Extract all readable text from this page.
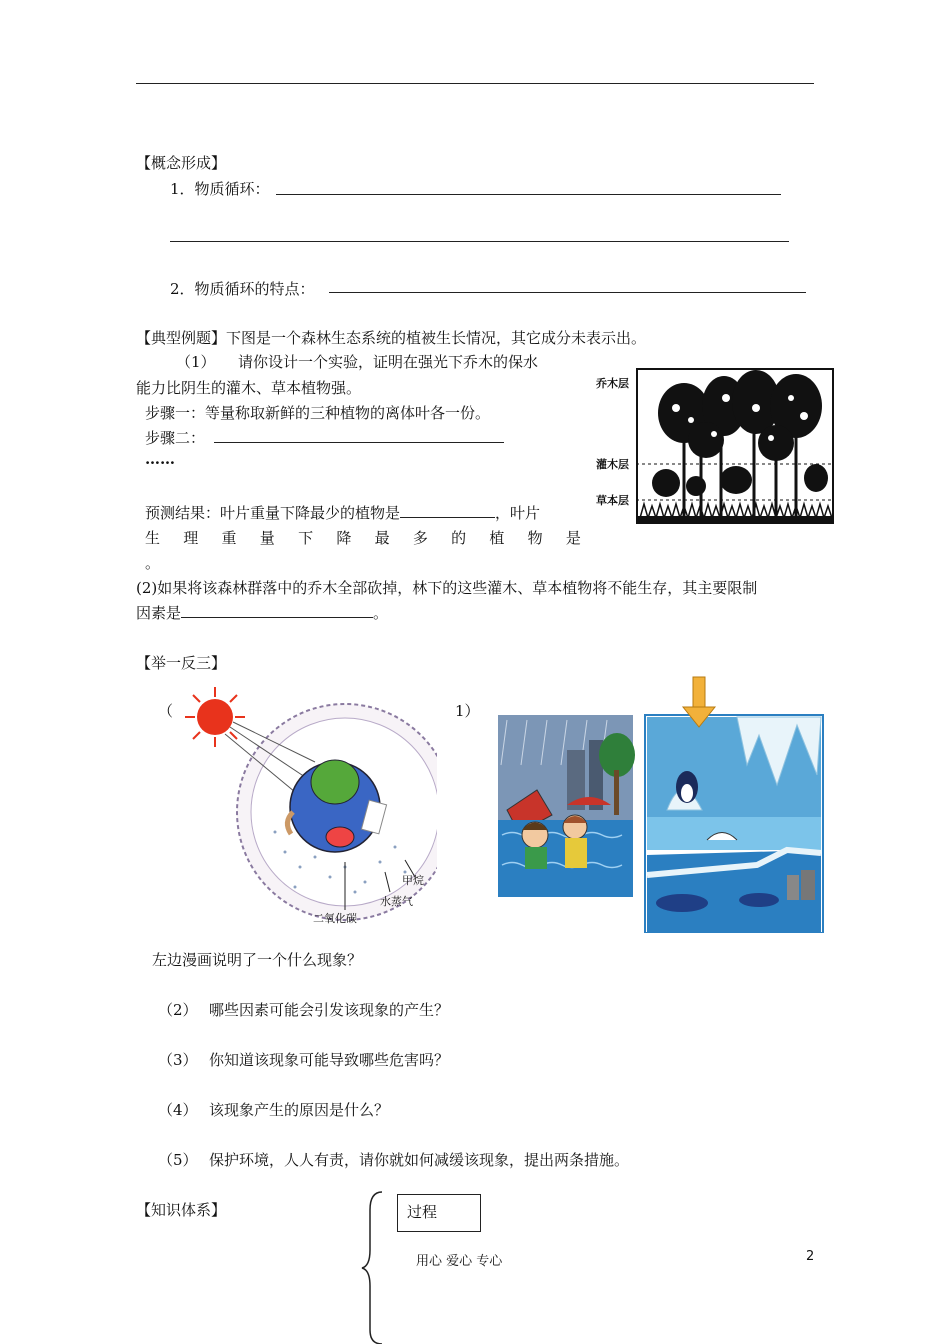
【概念形成】
1．物质循环：
2．物质循环的特点：
【典型例题】下图是一个森林生态系统的植被生长情况，其它成分未表示出。
（1） 请你设计一个实验，证明在强光下乔木的保水
能力比阴生的灌木、草本植物强。
步骤一：等量称取新鲜的三种植物的离体叶各一份。
步骤二：
……
预测结果：叶片重量下降最少的植物是	，叶片
生 理 重 量 下 降 最 多 的 植 物 是
。
(2)如果将该森林群落中的乔木全部砍掉，林下的这些灌木、草本植物将不能生存，其主要限制
因素是	。
乔木层
灌木层
草本层
【举一反三】
（	1）
甲烷
水蒸气
二氧化碳
左边漫画说明了一个什么现象？
（2） 哪些因素可能会引发该现象的产生？
（3） 你知道该现象可能导致哪些危害吗？
（4） 该现象产生的原因是什么？
（5） 保护环境，人人有责，请你就如何减缓该现象，提出两条措施。
【知识体系】	过程
用心 爱心 专心	2
